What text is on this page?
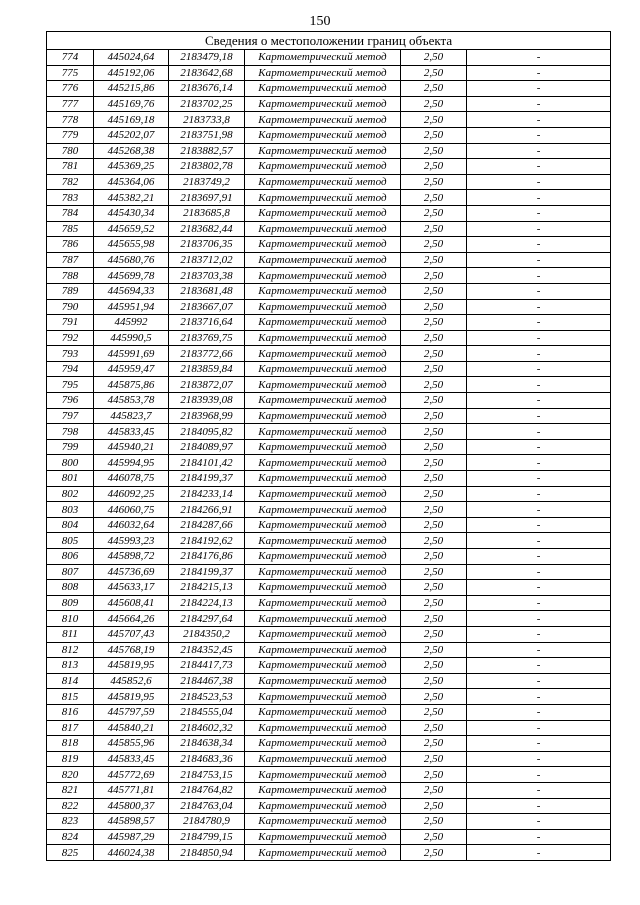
150
Сведения о местоположении границ объекта					
774	445024,64	2183479,18	Картометрический метод	2,50	-
775	445192,06	2183642,68	Картометрический метод	2,50	-
776	445215,86	2183676,14	Картометрический метод	2,50	-
777	445169,76	2183702,25	Картометрический метод	2,50	-
778	445169,18	2183733,8	Картометрический метод	2,50	-
779	445202,07	2183751,98	Картометрический метод	2,50	-
780	445268,38	2183882,57	Картометрический метод	2,50	-
781	445369,25	2183802,78	Картометрический метод	2,50	-
782	445364,06	2183749,2	Картометрический метод	2,50	-
783	445382,21	2183697,91	Картометрический метод	2,50	-
784	445430,34	2183685,8	Картометрический метод	2,50	-
785	445659,52	2183682,44	Картометрический метод	2,50	-
786	445655,98	2183706,35	Картометрический метод	2,50	-
787	445680,76	2183712,02	Картометрический метод	2,50	-
788	445699,78	2183703,38	Картометрический метод	2,50	-
789	445694,33	2183681,48	Картометрический метод	2,50	-
790	445951,94	2183667,07	Картометрический метод	2,50	-
791	445992	2183716,64	Картометрический метод	2,50	-
792	445990,5	2183769,75	Картометрический метод	2,50	-
793	445991,69	2183772,66	Картометрический метод	2,50	-
794	445959,47	2183859,84	Картометрический метод	2,50	-
795	445875,86	2183872,07	Картометрический метод	2,50	-
796	445853,78	2183939,08	Картометрический метод	2,50	-
797	445823,7	2183968,99	Картометрический метод	2,50	-
798	445833,45	2184095,82	Картометрический метод	2,50	-
799	445940,21	2184089,97	Картометрический метод	2,50	-
800	445994,95	2184101,42	Картометрический метод	2,50	-
801	446078,75	2184199,37	Картометрический метод	2,50	-
802	446092,25	2184233,14	Картометрический метод	2,50	-
803	446060,75	2184266,91	Картометрический метод	2,50	-
804	446032,64	2184287,66	Картометрический метод	2,50	-
805	445993,23	2184192,62	Картометрический метод	2,50	-
806	445898,72	2184176,86	Картометрический метод	2,50	-
807	445736,69	2184199,37	Картометрический метод	2,50	-
808	445633,17	2184215,13	Картометрический метод	2,50	-
809	445608,41	2184224,13	Картометрический метод	2,50	-
810	445664,26	2184297,64	Картометрический метод	2,50	-
811	445707,43	2184350,2	Картометрический метод	2,50	-
812	445768,19	2184352,45	Картометрический метод	2,50	-
813	445819,95	2184417,73	Картометрический метод	2,50	-
814	445852,6	2184467,38	Картометрический метод	2,50	-
815	445819,95	2184523,53	Картометрический метод	2,50	-
816	445797,59	2184555,04	Картометрический метод	2,50	-
817	445840,21	2184602,32	Картометрический метод	2,50	-
818	445855,96	2184638,34	Картометрический метод	2,50	-
819	445833,45	2184683,36	Картометрический метод	2,50	-
820	445772,69	2184753,15	Картометрический метод	2,50	-
821	445771,81	2184764,82	Картометрический метод	2,50	-
822	445800,37	2184763,04	Картометрический метод	2,50	-
823	445898,57	2184780,9	Картометрический метод	2,50	-
824	445987,29	2184799,15	Картометрический метод	2,50	-
825	446024,38	2184850,94	Картометрический метод	2,50	-
